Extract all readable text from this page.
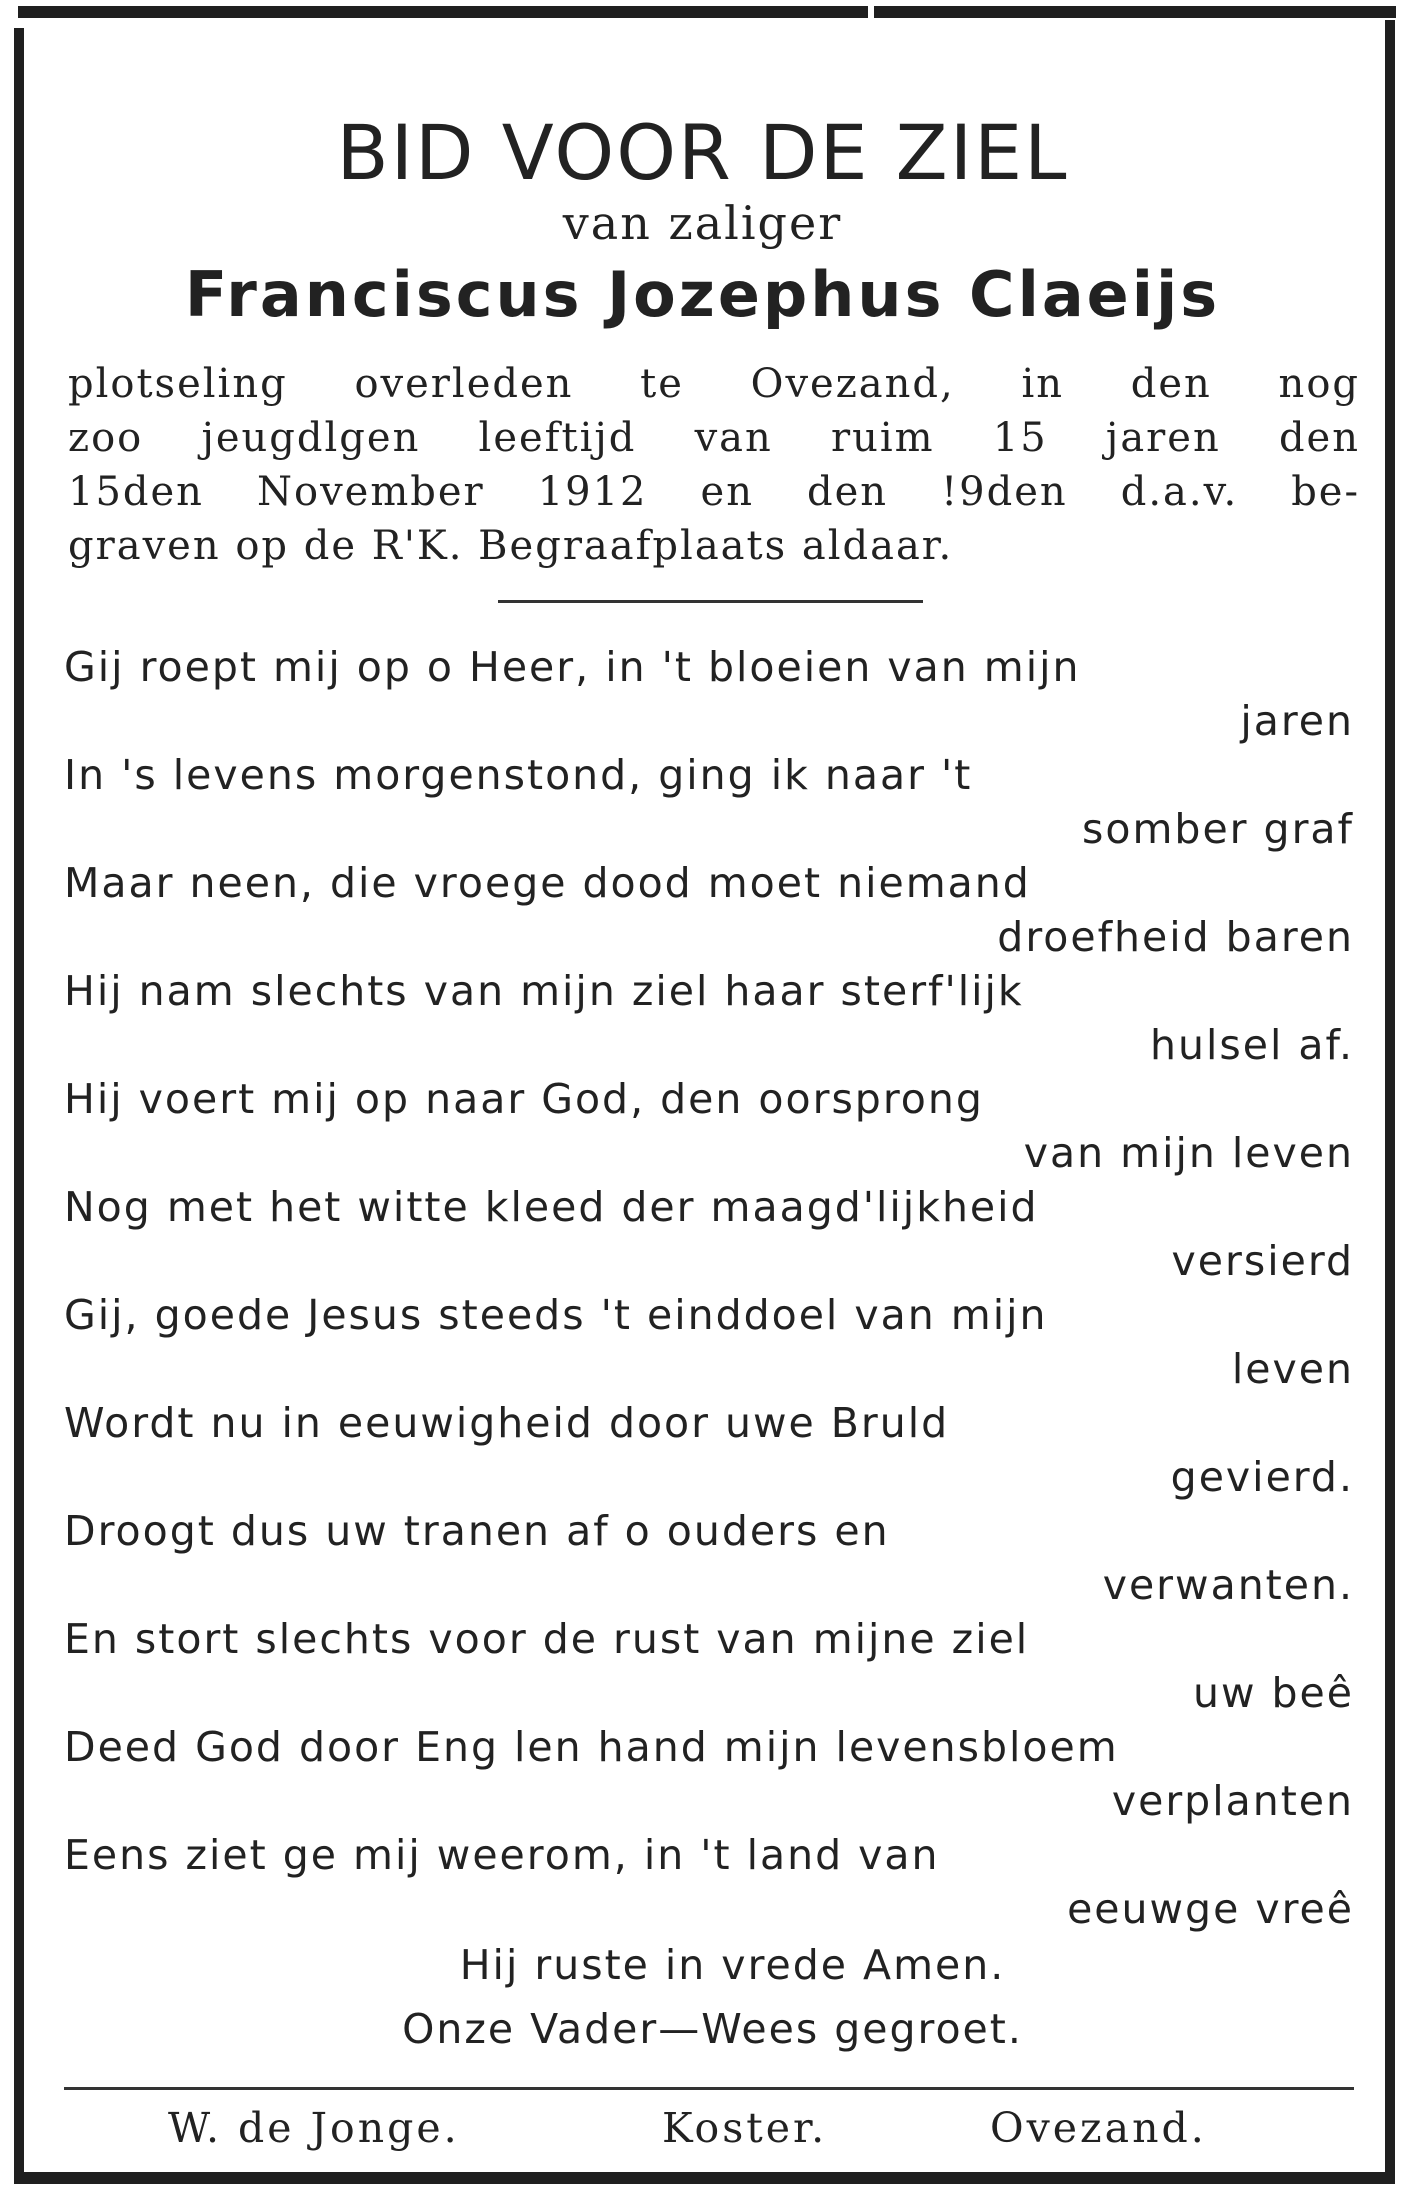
BID VOOR DE ZIEL
van zaliger
Franciscus Jozephus Claeijs
plotseling overleden te Ovezand, in den nog
zoo jeugdlgen leeftijd van ruim 15 jaren den
15den November 1912 en den !9den d.a.v. be-
graven op de R'K. Begraafplaats aldaar.
Gij roept mij op o Heer, in 't bloeien van mijn
jaren
In 's levens morgenstond, ging ik naar 't
somber graf
Maar neen, die vroege dood moet niemand
droefheid baren
Hij nam slechts van mijn ziel haar sterf'lijk
hulsel af.
Hij voert mij op naar God, den oorsprong
van mijn leven
Nog met het witte kleed der maagd'lijkheid
versierd
Gij, goede Jesus steeds 't einddoel van mijn
leven
Wordt nu in eeuwigheid door uwe Bruld
gevierd.
Droogt dus uw tranen af o ouders en
verwanten.
En stort slechts voor de rust van mijne ziel
uw beê
Deed God door Eng len hand mijn levensbloem
verplanten
Eens ziet ge mij weerom, in 't land van
eeuwge vreê
Hij ruste in vrede Amen.
Onze Vader—Wees gegroet.
W. de Jonge.	Koster.	Ovezand.
